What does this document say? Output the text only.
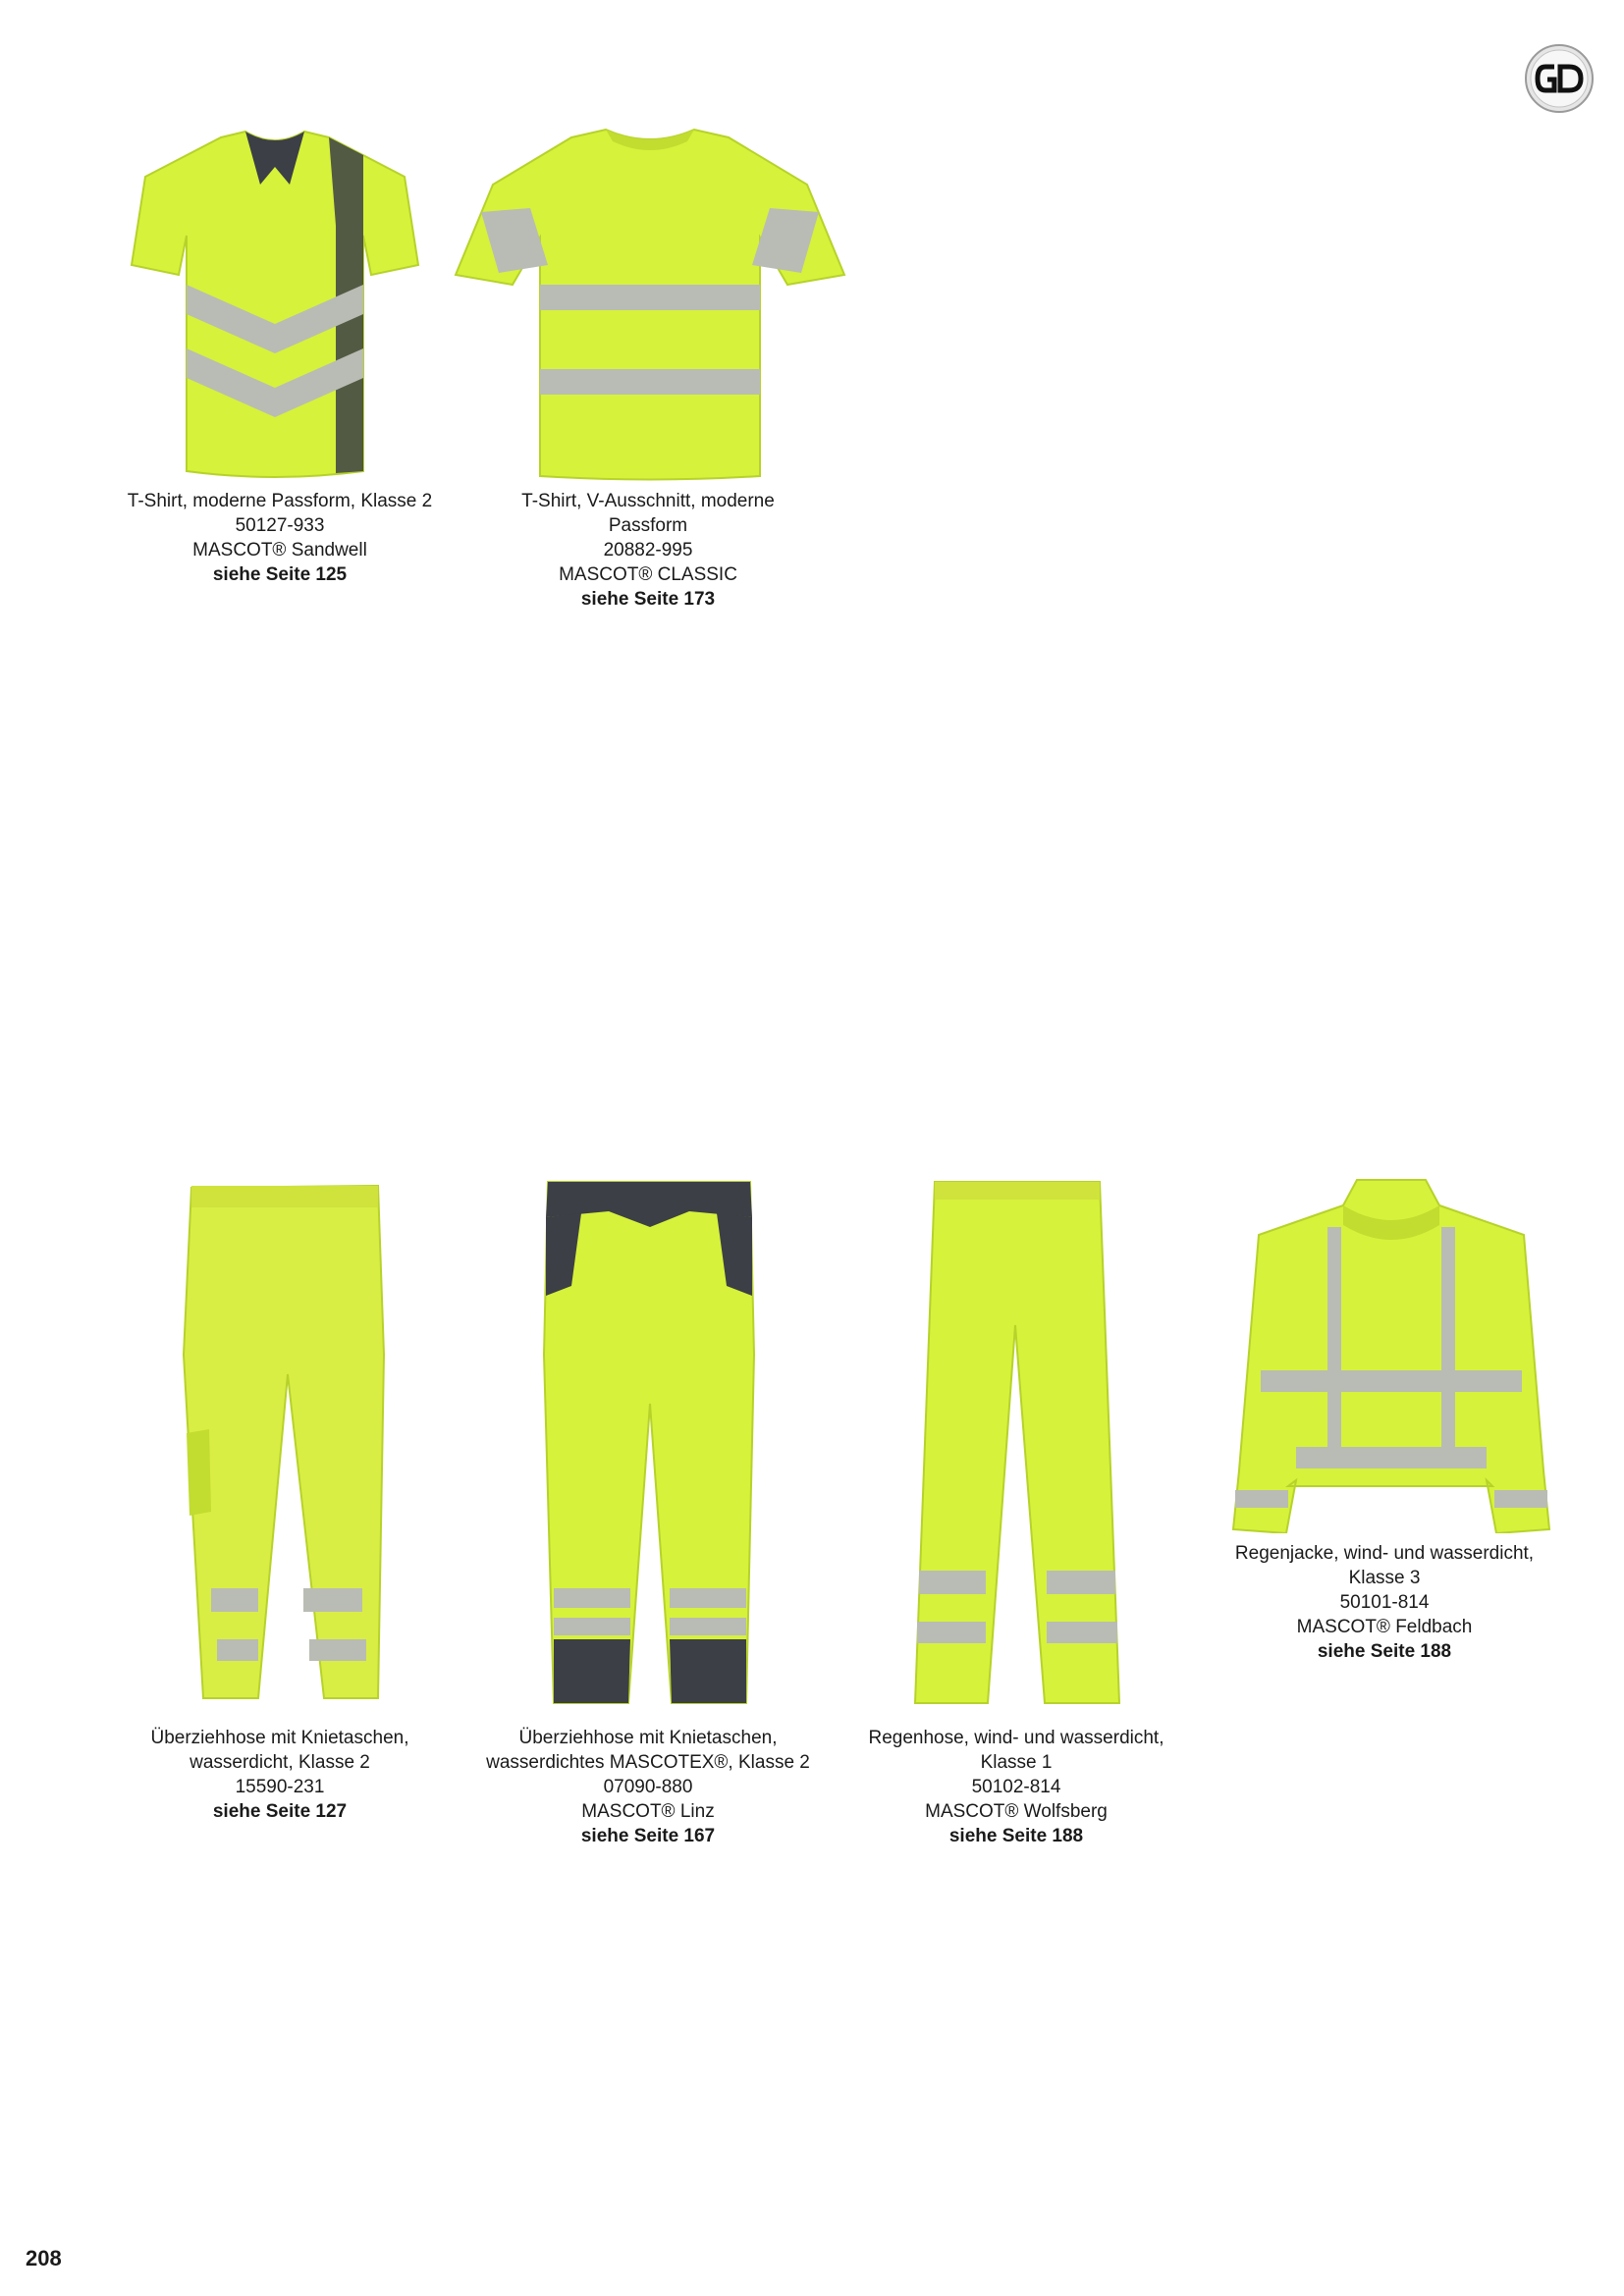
T-Shirt, moderne Passform, Klasse 2
50127-933
MASCOT® Sandwell
siehe Seite 125
T-Shirt, V-Ausschnitt, moderne
Passform
20882-995
MASCOT® CLASSIC
siehe Seite 173
Überziehhose mit Knietaschen,
wasserdicht, Klasse 2
15590-231
siehe Seite 127
Überziehhose mit Knietaschen,
wasserdichtes MASCOTEX®, Klasse 2
07090-880
MASCOT® Linz
siehe Seite 167
Regenhose, wind- und wasserdicht,
Klasse 1
50102-814
MASCOT® Wolfsberg
siehe Seite 188
Regenjacke, wind- und wasserdicht,
Klasse 3
50101-814
MASCOT® Feldbach
siehe Seite 188
208
